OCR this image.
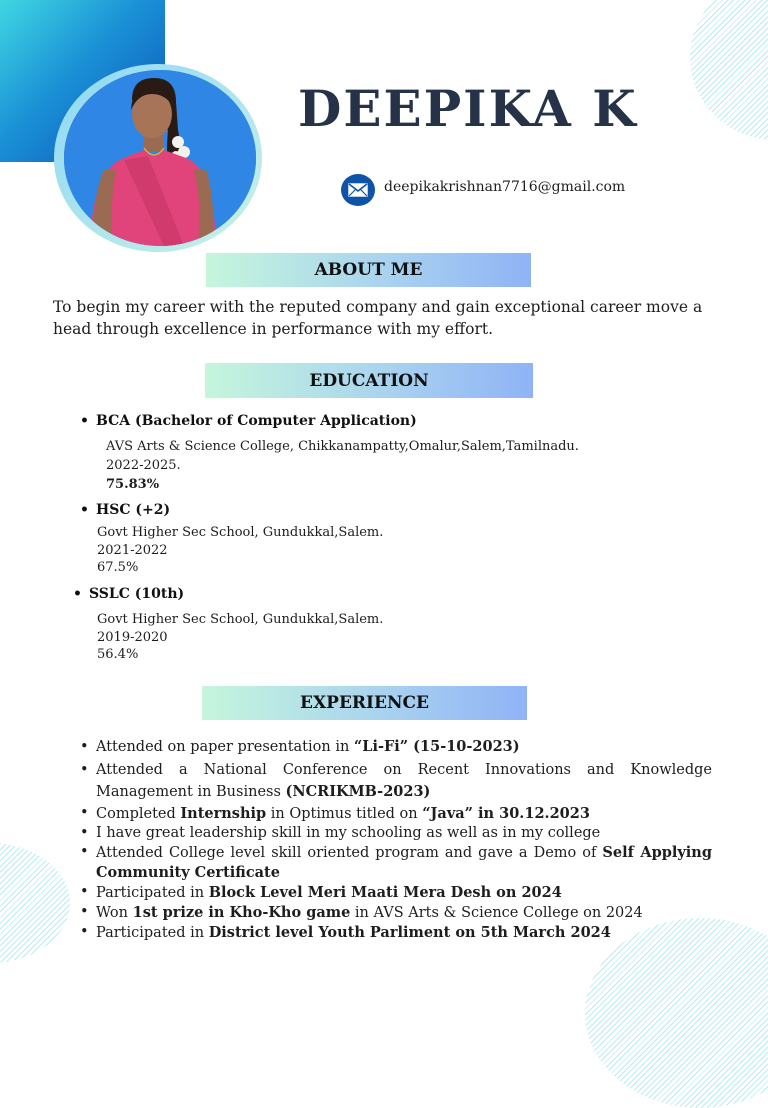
DEEPIKA K
deepikakrishnan7716@gmail.com
ABOUT ME

To begin my career with the reputed company and gain exceptional career move a head through excellence in performance with my effort.

EDUCATION
• BCA (Bachelor of Computer Application)

AVS Arts & Science College, Chikkanampatty,Omalur,Salem,Tamilnadu.

2022-2025.

75.83%

• HSC (+2)

Govt Higher Sec School, Gundukkal,Salem.

2021-2022

67.5%

• SSLC (10th)

Govt Higher Sec School, Gundukkal,Salem.

2019-2020

56.4%

EXPERIENCE
• Attended on paper presentation in “Li-Fi” (15-10-2023)
• Attended a National Conference on Recent Innovations and Knowledge Management in Business (NCRIKMB-2023)
• Completed Internship in Optimus titled on “Java” in 30.12.2023
• I have great leadership skill in my schooling as well as in my college
• Attended College level skill oriented program and gave a Demo of Self Applying Community Certificate
• Participated in Block Level Meri Maati Mera Desh on 2024
• Won 1st prize in Kho-Kho game in AVS Arts & Science College on 2024
• Participated in District level Youth Parliment on 5th March 2024
